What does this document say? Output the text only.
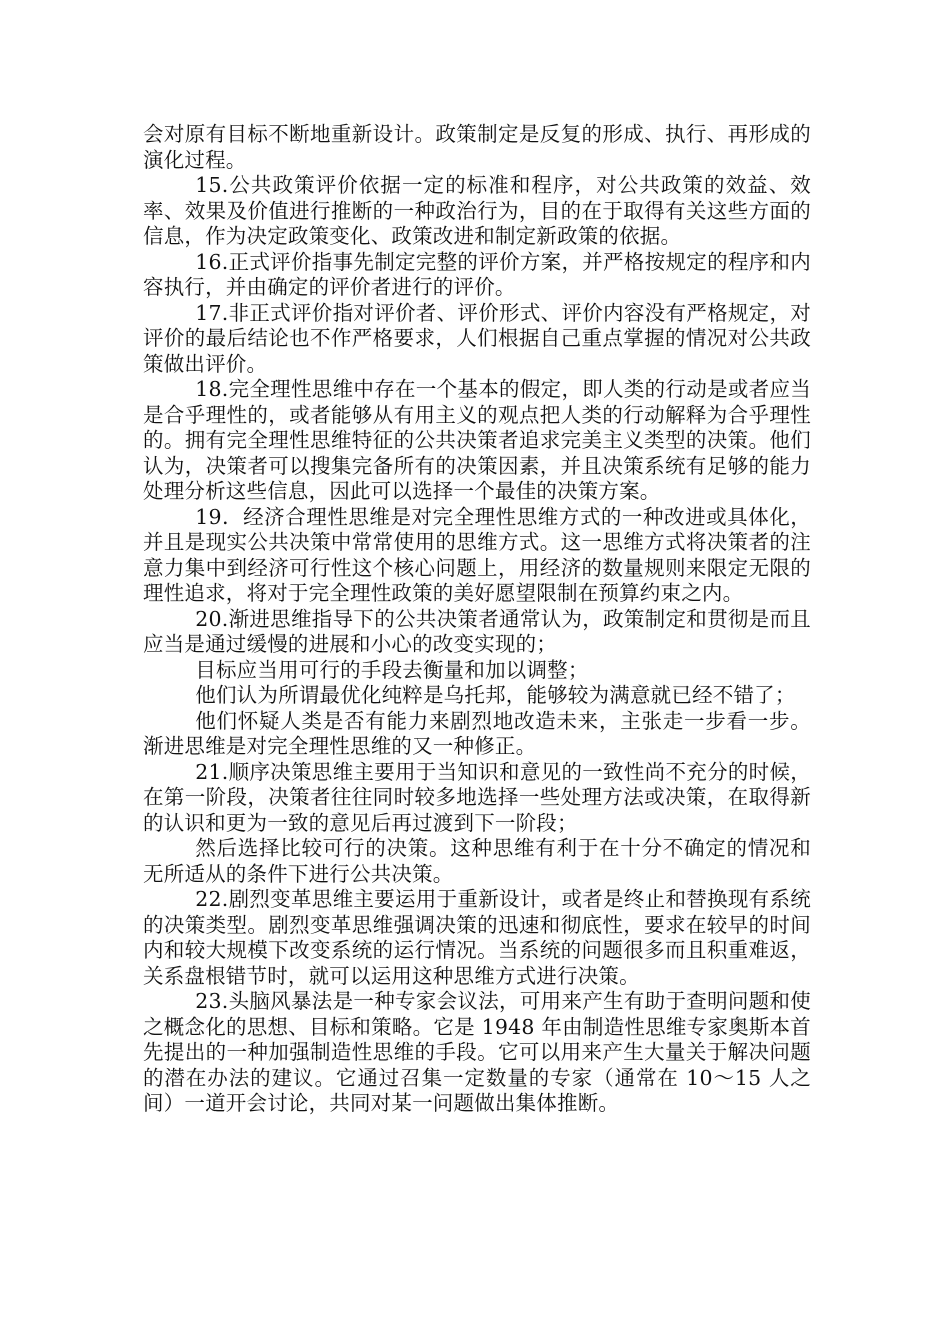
会对原有目标不断地重新设计。政策制定是反复的形成、执行、再形成的演化过程。

15.公共政策评价依据一定的标准和程序，对公共政策的效益、效率、效果及价值进行推断的一种政治行为，目的在于取得有关这些方面的信息，作为决定政策变化、政策改进和制定新政策的依据。

16.正式评价指事先制定完整的评价方案，并严格按规定的程序和内容执行，并由确定的评价者进行的评价。

17.非正式评价指对评价者、评价形式、评价内容没有严格规定，对评价的最后结论也不作严格要求，人们根据自己重点掌握的情况对公共政策做出评价。

18.完全理性思维中存在一个基本的假定，即人类的行动是或者应当是合乎理性的，或者能够从有用主义的观点把人类的行动解释为合乎理性的。拥有完全理性思维特征的公共决策者追求完美主义类型的决策。他们认为，决策者可以搜集完备所有的决策因素，并且决策系统有足够的能力处理分析这些信息，因此可以选择一个最佳的决策方案。

19．经济合理性思维是对完全理性思维方式的一种改进或具体化，并且是现实公共决策中常常使用的思维方式。这一思维方式将决策者的注意力集中到经济可行性这个核心问题上，用经济的数量规则来限定无限的理性追求，将对于完全理性政策的美好愿望限制在预算约束之内。

20.渐进思维指导下的公共决策者通常认为，政策制定和贯彻是而且应当是通过缓慢的进展和小心的改变实现的；

目标应当用可行的手段去衡量和加以调整；

他们认为所谓最优化纯粹是乌托邦，能够较为满意就已经不错了；

他们怀疑人类是否有能力来剧烈地改造未来，主张走一步看一步。渐进思维是对完全理性思维的又一种修正。

21.顺序决策思维主要用于当知识和意见的一致性尚不充分的时候，在第一阶段，决策者往往同时较多地选择一些处理方法或决策，在取得新的认识和更为一致的意见后再过渡到下一阶段；

然后选择比较可行的决策。这种思维有利于在十分不确定的情况和无所适从的条件下进行公共决策。

22.剧烈变革思维主要运用于重新设计，或者是终止和替换现有系统的决策类型。剧烈变革思维强调决策的迅速和彻底性，要求在较早的时间内和较大规模下改变系统的运行情况。当系统的问题很多而且积重难返，关系盘根错节时，就可以运用这种思维方式进行决策。

23.头脑风暴法是一种专家会议法，可用来产生有助于查明问题和使之概念化的思想、目标和策略。它是 1948 年由制造性思维专家奥斯本首先提出的一种加强制造性思维的手段。它可以用来产生大量关于解决问题的潜在办法的建议。它通过召集一定数量的专家（通常在 10～15 人之间）一道开会讨论，共同对某一问题做出集体推断。
